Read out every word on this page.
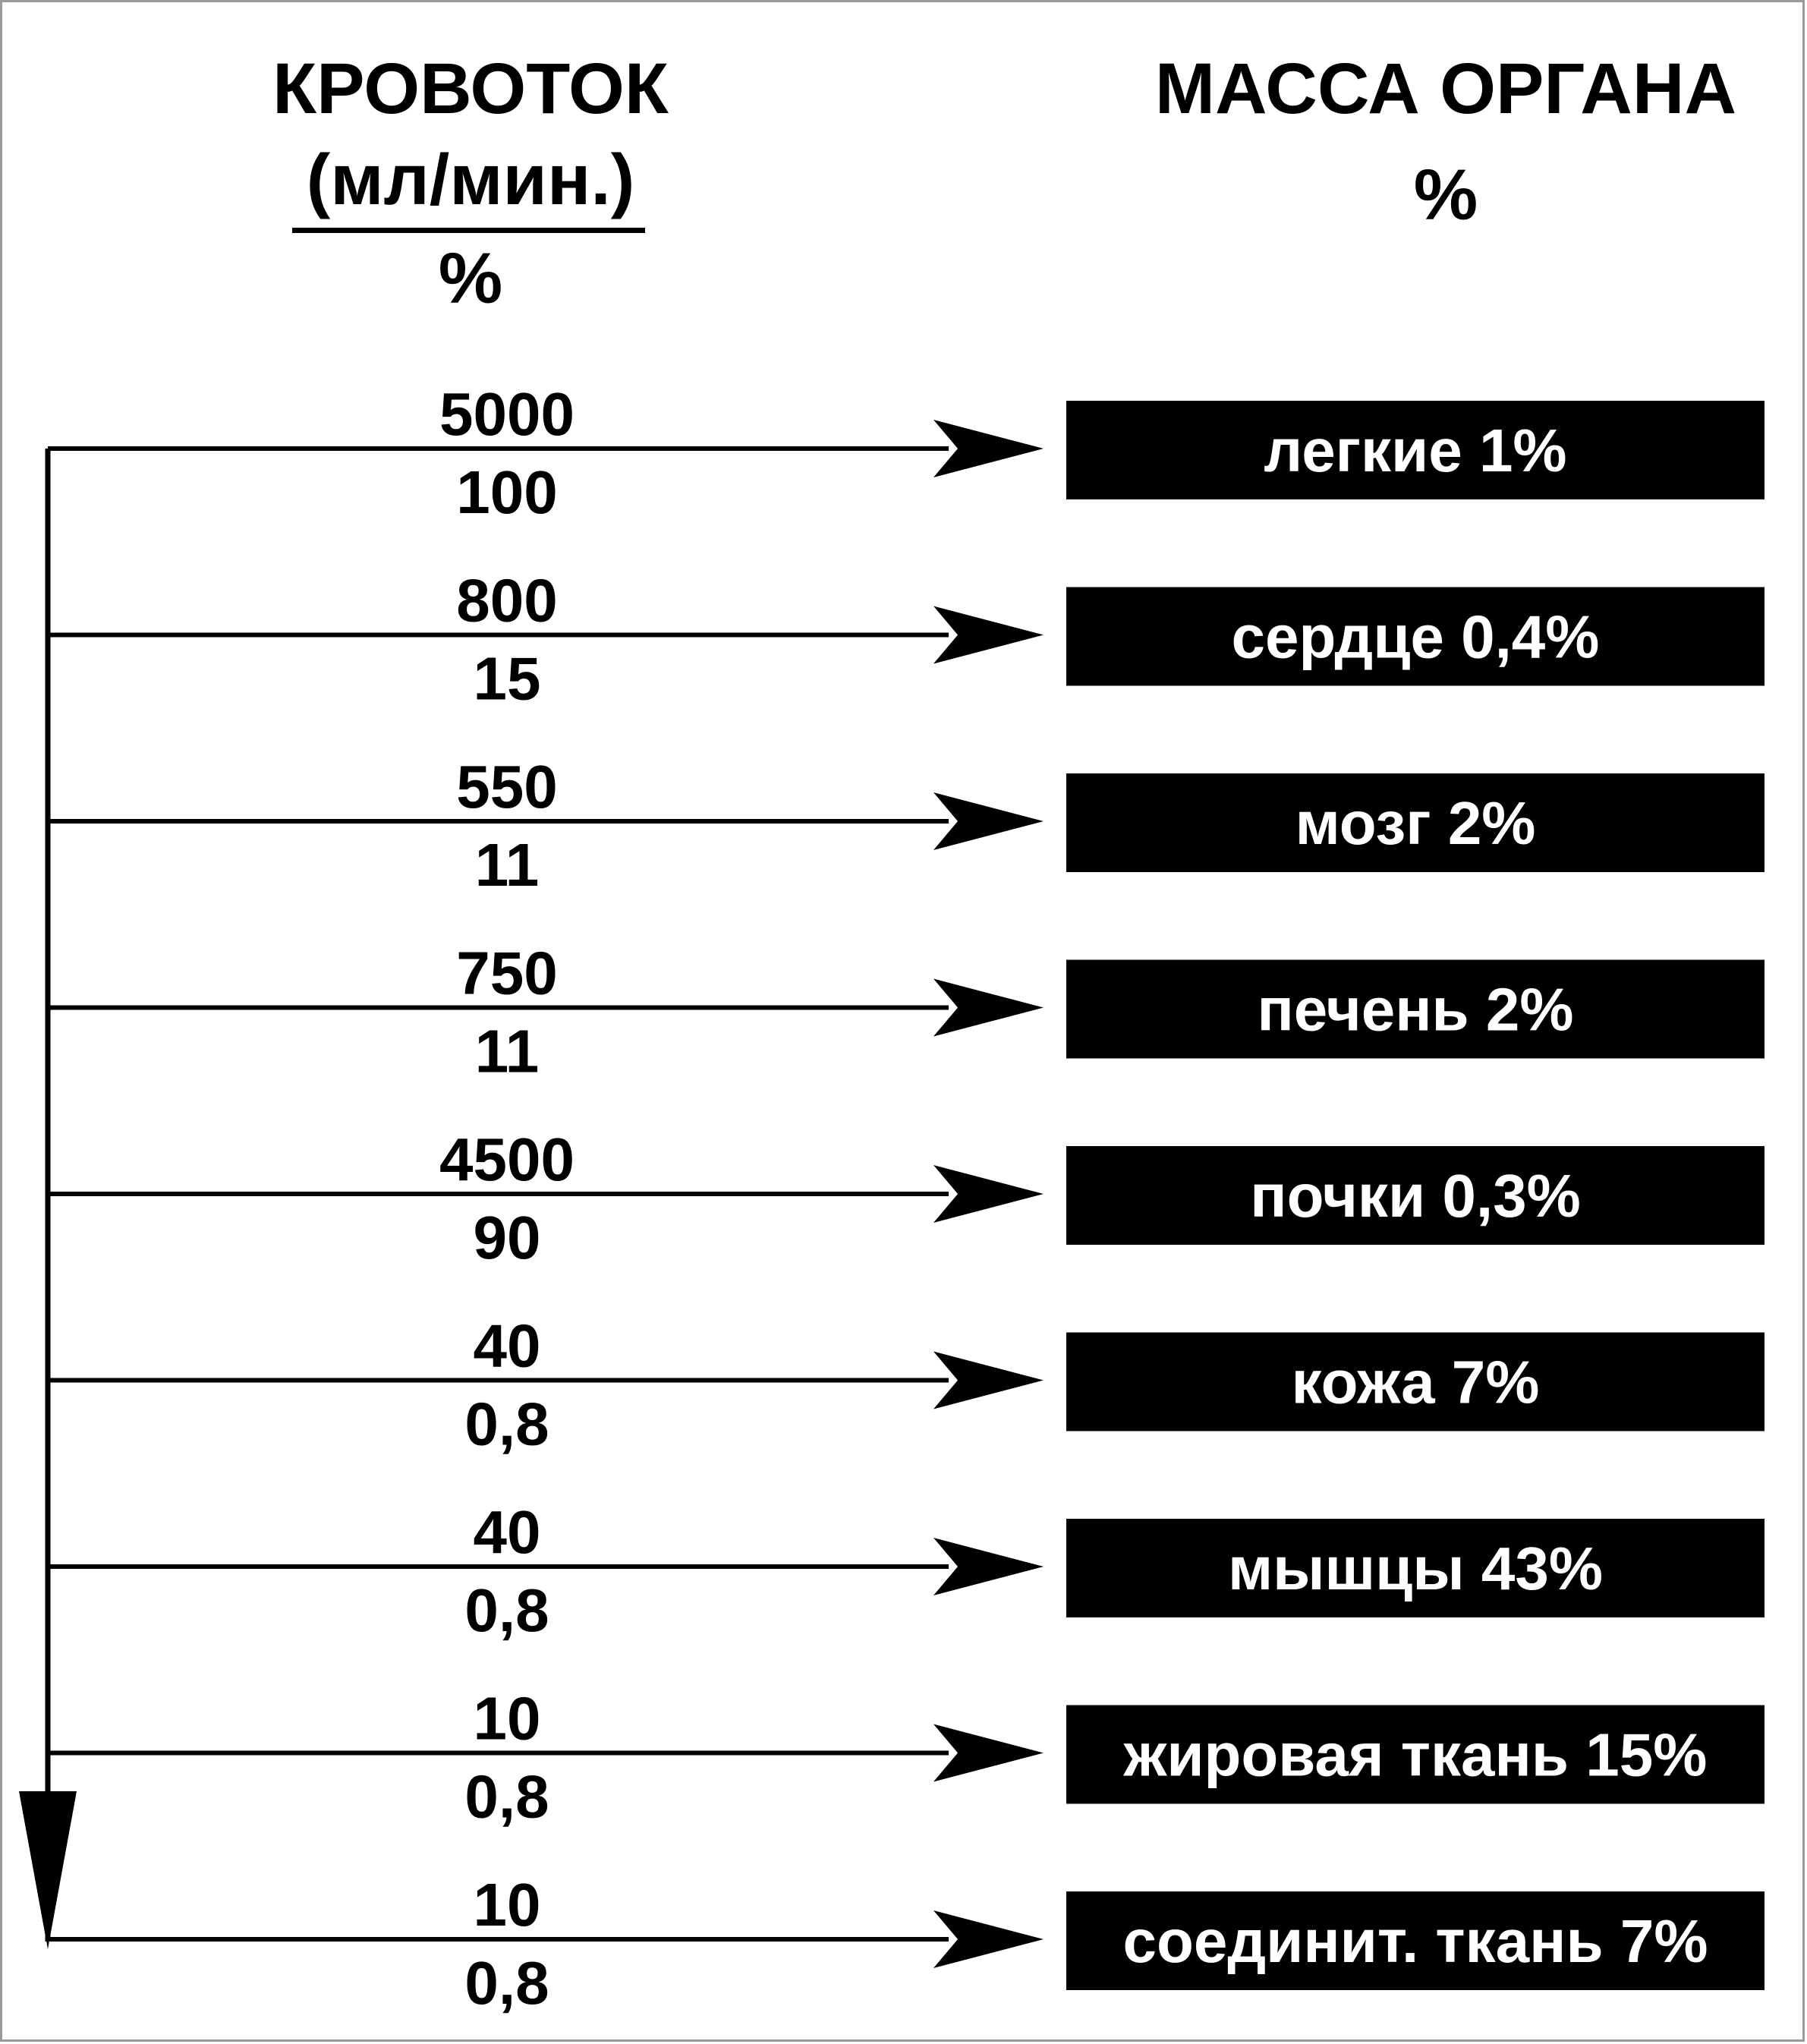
КРОВОТОК
(мл/мин.)
%
МАССА ОРГАНА
%
5000
100
легкие 1%
800
15
сердце 0,4%
550
11
мозг 2%
750
11
печень 2%
4500
90
почки 0,3%
40
0,8
кожа 7%
40
0,8
мышцы 43%
10
0,8
жировая ткань 15%
10
0,8
соединит. ткань 7%
